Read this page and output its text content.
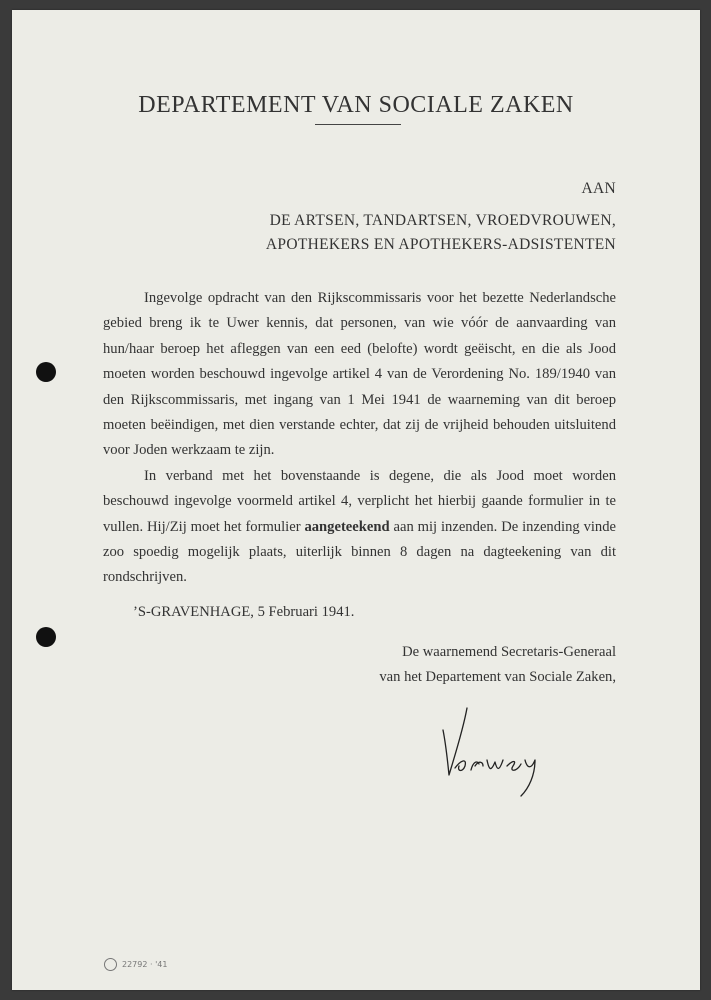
DEPARTEMENT VAN SOCIALE ZAKEN
AAN
DE ARTSEN, TANDARTSEN, VROEDVROUWEN,
APOTHEKERS EN APOTHEKERS-ADSISTENTEN

Ingevolge opdracht van den Rijkscommissaris voor het bezette Nederlandsche gebied breng ik te Uwer kennis, dat personen, van wie vóór de aanvaarding van hun/haar beroep het afleggen van een eed (belofte) wordt geëischt, en die als Jood moeten worden beschouwd ingevolge artikel 4 van de Verordening No. 189/1940 van den Rijkscommissaris, met ingang van 1 Mei 1941 de waarneming van dit beroep moeten beëindigen, met dien verstande echter, dat zij de vrijheid behouden uitsluitend voor Joden werkzaam te zijn.

In verband met het bovenstaande is degene, die als Jood moet worden beschouwd ingevolge voormeld artikel 4, verplicht het hierbij gaande formulier in te vullen. Hij/Zij moet het formulier aangeteekend aan mij inzenden. De inzending vinde zoo spoedig mogelijk plaats, uiterlijk binnen 8 dagen na dagteekening van dit rondschrijven.

’S-GRAVENHAGE, 5 Februari 1941.
De waarnemend Secretaris-Generaal
van het Departement van Sociale Zaken,
22792 · '41
